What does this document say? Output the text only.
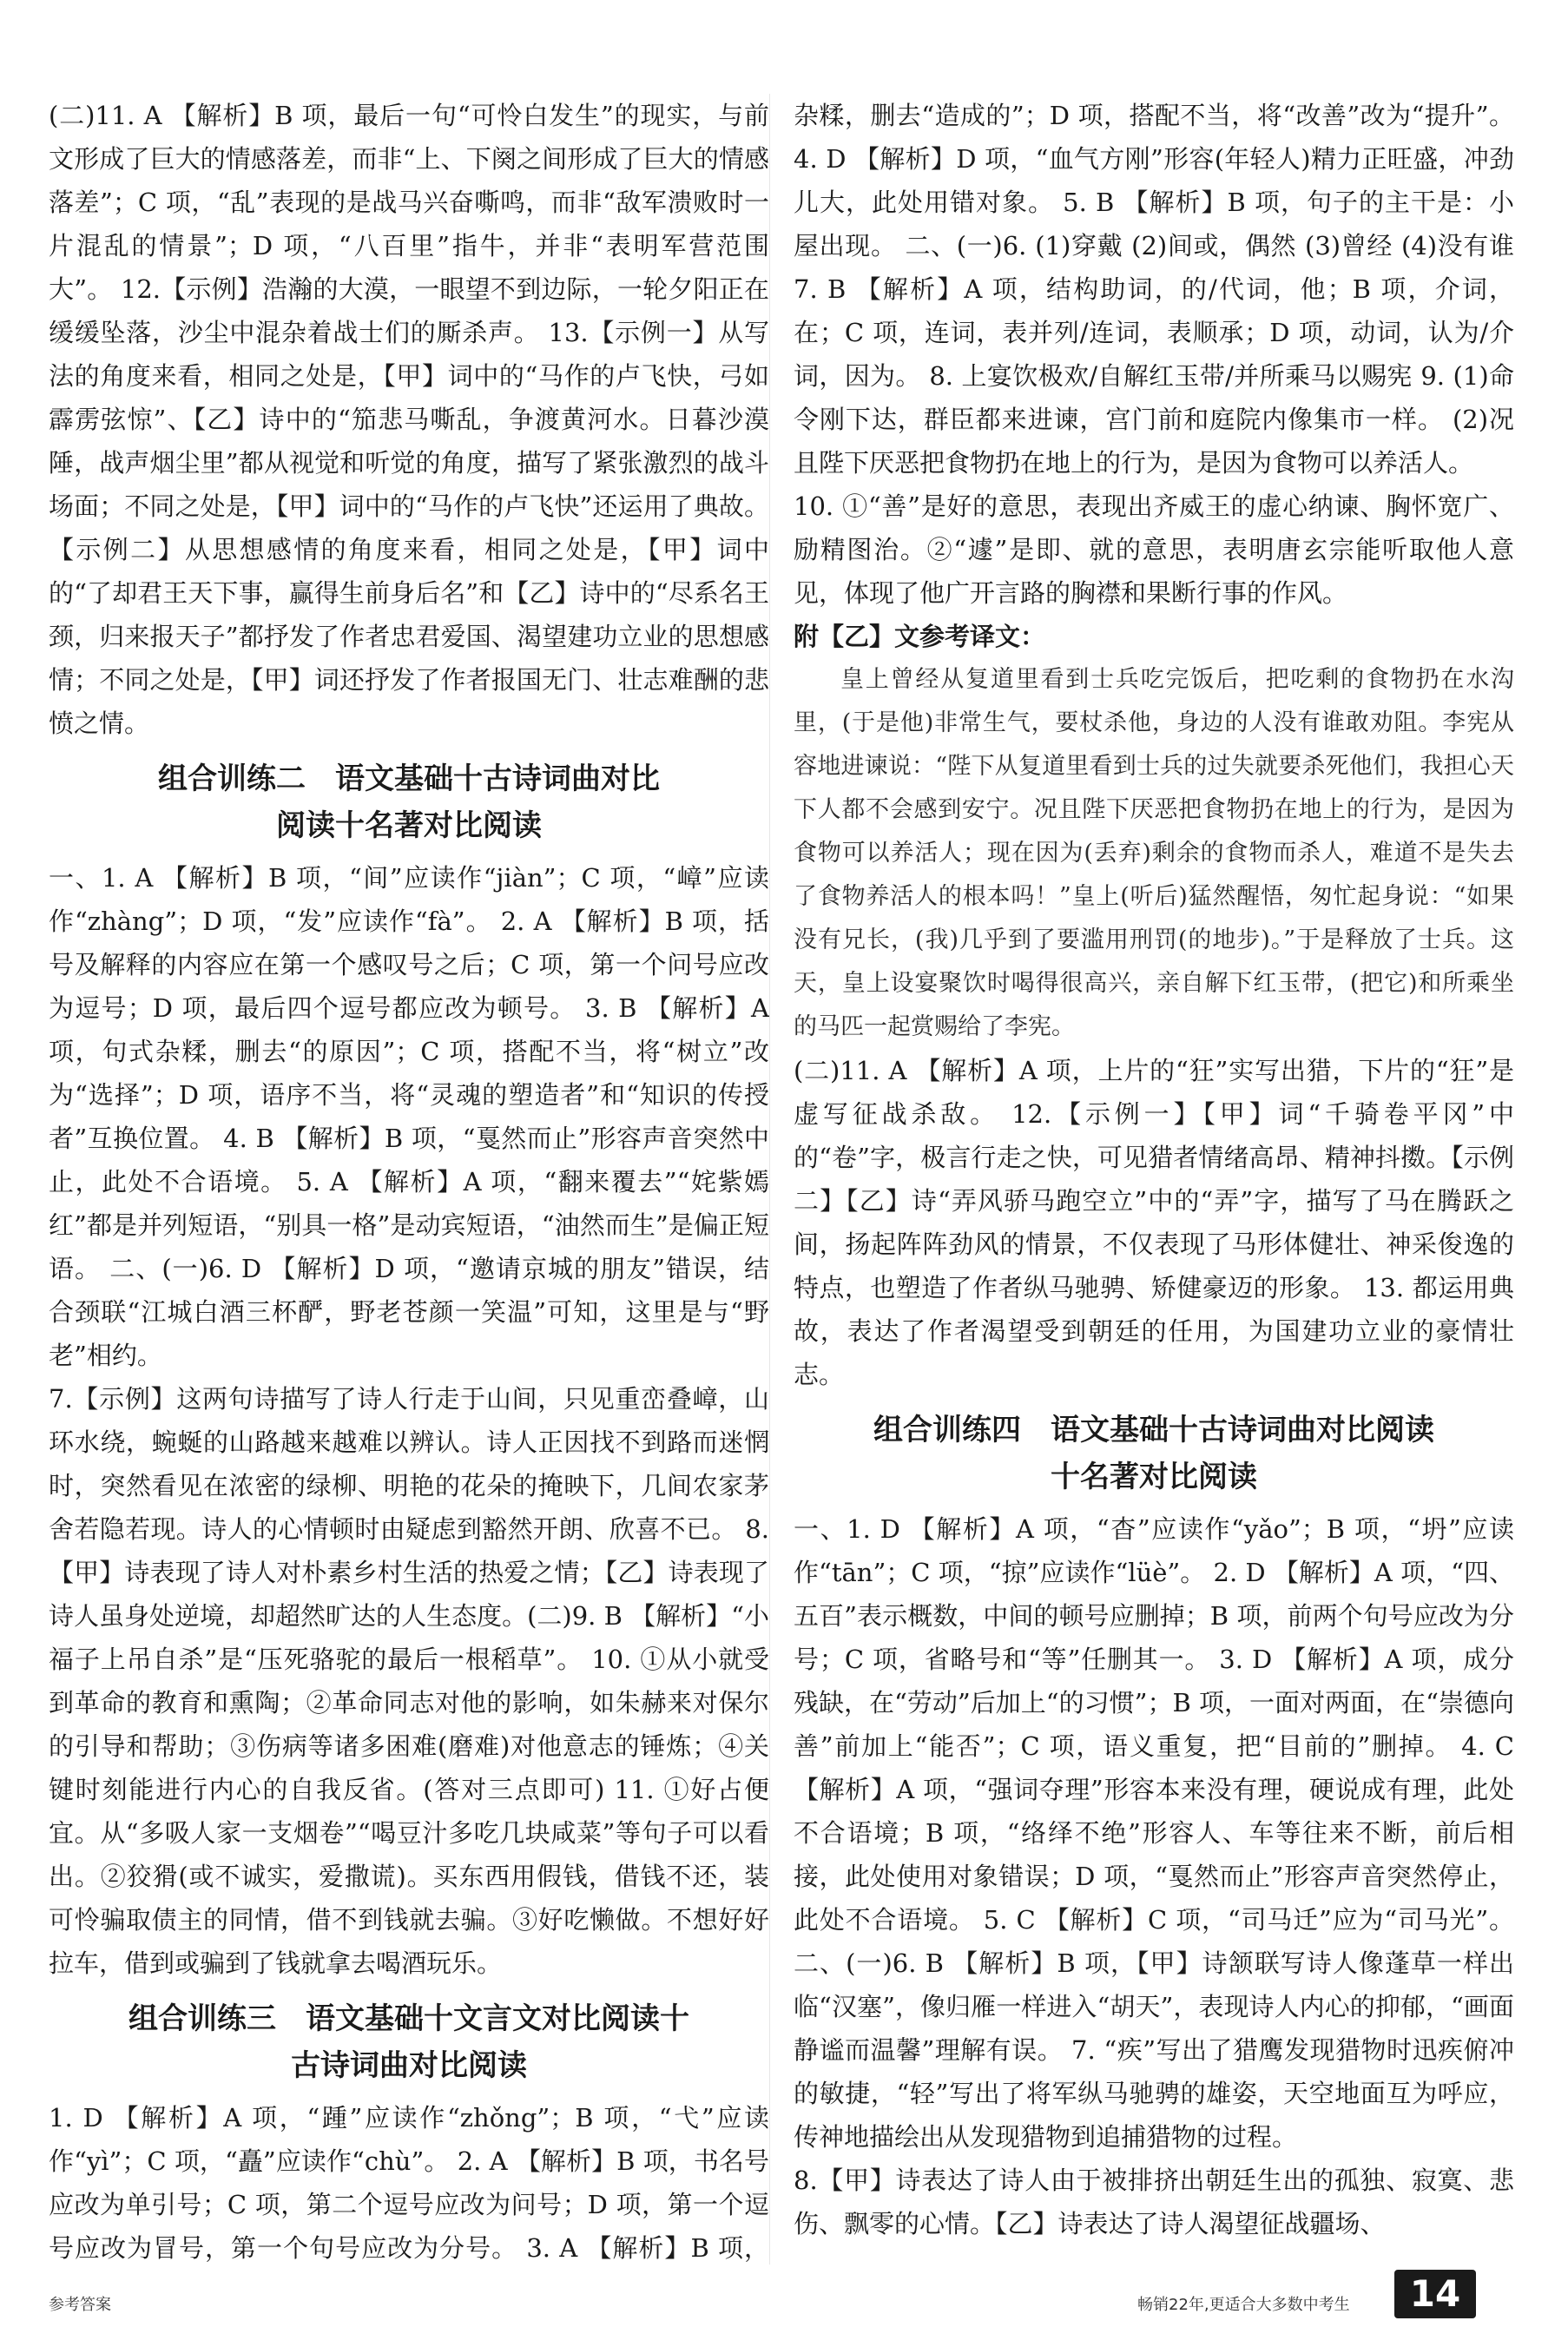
(二)11. A 【解析】B 项，最后一句“可怜白发生”的现实，与前文形成了巨大的情感落差，而非“上、下阕之间形成了巨大的情感落差”；C 项，“乱”表现的是战马兴奋嘶鸣，而非“敌军溃败时一片混乱的情景”；D 项，“八百里”指牛，并非“表明军营范围大”。 12.【示例】浩瀚的大漠，一眼望不到边际，一轮夕阳正在缓缓坠落，沙尘中混杂着战士们的厮杀声。 13.【示例一】从写法的角度来看，相同之处是，【甲】词中的“马作的卢飞快，弓如霹雳弦惊”、【乙】诗中的“笳悲马嘶乱，争渡黄河水。日暮沙漠陲，战声烟尘里”都从视觉和听觉的角度，描写了紧张激烈的战斗场面；不同之处是，【甲】词中的“马作的卢飞快”还运用了典故。【示例二】从思想感情的角度来看，相同之处是，【甲】词中的“了却君王天下事，赢得生前身后名”和【乙】诗中的“尽系名王颈，归来报天子”都抒发了作者忠君爱国、渴望建功立业的思想感情；不同之处是，【甲】词还抒发了作者报国无门、壮志难酬的悲愤之情。

组合训练二　语文基础十古诗词曲对比
阅读十名著对比阅读

一、1. A 【解析】B 项，“间”应读作“jiàn”；C 项，“嶂”应读作“zhàng”；D 项，“发”应读作“fà”。 2. A 【解析】B 项，括号及解释的内容应在第一个感叹号之后；C 项，第一个问号应改为逗号；D 项，最后四个逗号都应改为顿号。 3. B 【解析】A 项，句式杂糅，删去“的原因”；C 项，搭配不当，将“树立”改为“选择”；D 项，语序不当，将“灵魂的塑造者”和“知识的传授者”互换位置。 4. B 【解析】B 项，“戛然而止”形容声音突然中止，此处不合语境。 5. A 【解析】A 项，“翻来覆去”“姹紫嫣红”都是并列短语，“别具一格”是动宾短语，“油然而生”是偏正短语。 二、(一)6. D 【解析】D 项，“邀请京城的朋友”错误，结合颈联“江城白酒三杯酽，野老苍颜一笑温”可知，这里是与“野老”相约。

7.【示例】这两句诗描写了诗人行走于山间，只见重峦叠嶂，山环水绕，蜿蜒的山路越来越难以辨认。诗人正因找不到路而迷惘时，突然看见在浓密的绿柳、明艳的花朵的掩映下，几间农家茅舍若隐若现。诗人的心情顿时由疑虑到豁然开朗、欣喜不已。 8.【甲】诗表现了诗人对朴素乡村生活的热爱之情；【乙】诗表现了诗人虽身处逆境，却超然旷达的人生态度。(二)9. B 【解析】“小福子上吊自杀”是“压死骆驼的最后一根稻草”。 10. ①从小就受到革命的教育和熏陶；②革命同志对他的影响，如朱赫来对保尔的引导和帮助；③伤病等诸多困难(磨难)对他意志的锤炼；④关键时刻能进行内心的自我反省。(答对三点即可) 11. ①好占便宜。从“多吸人家一支烟卷”“喝豆汁多吃几块咸菜”等句子可以看出。②狡猾(或不诚实，爱撒谎)。买东西用假钱，借钱不还，装可怜骗取债主的同情，借不到钱就去骗。③好吃懒做。不想好好拉车，借到或骗到了钱就拿去喝酒玩乐。

组合训练三　语文基础十文言文对比阅读十
古诗词曲对比阅读

1. D 【解析】A 项，“踵”应读作“zhǒng”；B 项，“弋”应读作“yì”；C 项，“矗”应读作“chù”。 2. A 【解析】B 项，书名号应改为单引号；C 项，第二个逗号应改为问号；D 项，第一个逗号应改为冒号，第一个句号应改为分号。 3. A 【解析】B 项，

杂糅，删去“造成的”；D 项，搭配不当，将“改善”改为“提升”。 4. D 【解析】D 项，“血气方刚”形容(年轻人)精力正旺盛，冲劲儿大，此处用错对象。 5. B 【解析】B 项，句子的主干是：小屋出现。 二、(一)6. (1)穿戴 (2)间或，偶然 (3)曾经 (4)没有谁 7. B 【解析】A 项，结构助词，的/代词，他；B 项，介词，在；C 项，连词，表并列/连词，表顺承；D 项，动词，认为/介词，因为。 8. 上宴饮极欢/自解红玉带/并所乘马以赐宪 9. (1)命令刚下达，群臣都来进谏，宫门前和庭院内像集市一样。 (2)况且陛下厌恶把食物扔在地上的行为，是因为食物可以养活人。

10. ①“善”是好的意思，表现出齐威王的虚心纳谏、胸怀宽广、励精图治。②“遽”是即、就的意思，表明唐玄宗能听取他人意见，体现了他广开言路的胸襟和果断行事的作风。

附【乙】文参考译文：

皇上曾经从复道里看到士兵吃完饭后，把吃剩的食物扔在水沟里，(于是他)非常生气，要杖杀他，身边的人没有谁敢劝阻。李宪从容地进谏说：“陛下从复道里看到士兵的过失就要杀死他们，我担心天下人都不会感到安宁。况且陛下厌恶把食物扔在地上的行为，是因为食物可以养活人；现在因为(丢弃)剩余的食物而杀人，难道不是失去了食物养活人的根本吗！”皇上(听后)猛然醒悟，匆忙起身说：“如果没有兄长，(我)几乎到了要滥用刑罚(的地步)。”于是释放了士兵。这天，皇上设宴聚饮时喝得很高兴，亲自解下红玉带，(把它)和所乘坐的马匹一起赏赐给了李宪。

(二)11. A 【解析】A 项，上片的“狂”实写出猎，下片的“狂”是虚写征战杀敌。 12.【示例一】【甲】词“千骑卷平冈”中的“卷”字，极言行走之快，可见猎者情绪高昂、精神抖擞。【示例二】【乙】诗“弄风骄马跑空立”中的“弄”字，描写了马在腾跃之间，扬起阵阵劲风的情景，不仅表现了马形体健壮、神采俊逸的特点，也塑造了作者纵马驰骋、矫健豪迈的形象。 13. 都运用典故，表达了作者渴望受到朝廷的任用，为国建功立业的豪情壮志。

组合训练四　语文基础十古诗词曲对比阅读
十名著对比阅读

一、1. D 【解析】A 项，“杳”应读作“yǎo”；B 项，“坍”应读作“tān”；C 项，“掠”应读作“lüè”。 2. D 【解析】A 项，“四、五百”表示概数，中间的顿号应删掉；B 项，前两个句号应改为分号；C 项，省略号和“等”任删其一。 3. D 【解析】A 项，成分残缺，在“劳动”后加上“的习惯”；B 项，一面对两面，在“崇德向善”前加上“能否”；C 项，语义重复，把“目前的”删掉。 4. C 【解析】A 项，“强词夺理”形容本来没有理，硬说成有理，此处不合语境；B 项，“络绎不绝”形容人、车等往来不断，前后相接，此处使用对象错误；D 项，“戛然而止”形容声音突然停止，此处不合语境。 5. C 【解析】C 项，“司马迁”应为“司马光”。 二、(一)6. B 【解析】B 项，【甲】诗颔联写诗人像蓬草一样出临“汉塞”，像归雁一样进入“胡天”，表现诗人内心的抑郁，“画面静谧而温馨”理解有误。 7. “疾”写出了猎鹰发现猎物时迅疾俯冲的敏捷，“轻”写出了将军纵马驰骋的雄姿，天空地面互为呼应，传神地描绘出从发现猎物到追捕猎物的过程。

8.【甲】诗表达了诗人由于被排挤出朝廷生出的孤独、寂寞、悲伤、飘零的心情。【乙】诗表达了诗人渴望征战疆场、

参考答案	畅销22年,更适合大多数中考生	14
